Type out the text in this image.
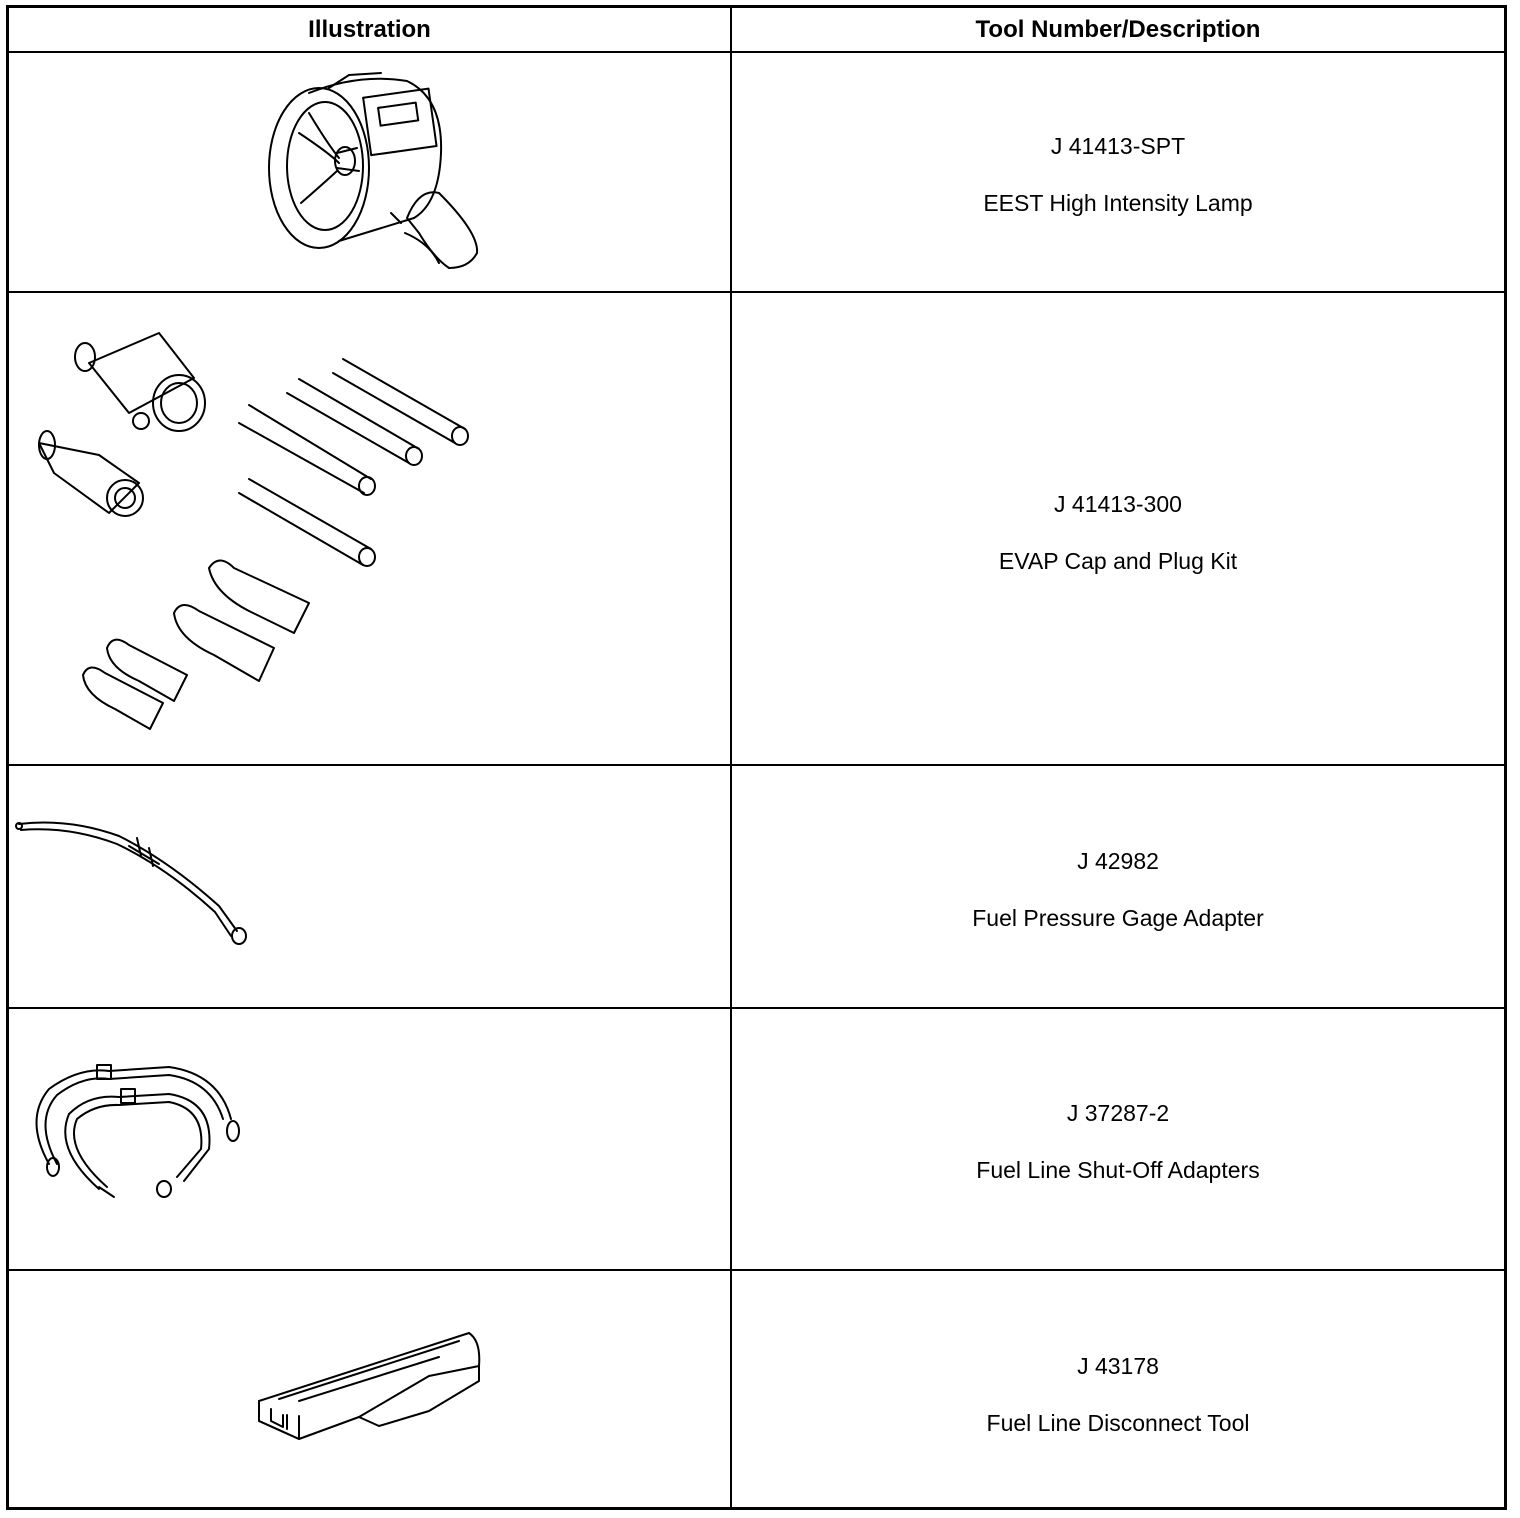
Illustration	Tool Number/Description
J 41413-SPT
EEST High Intensity Lamp
J 41413-300
EVAP Cap and Plug Kit
J 42982
Fuel Pressure Gage Adapter
J 37287-2
Fuel Line Shut-Off Adapters
J 43178
Fuel Line Disconnect Tool
